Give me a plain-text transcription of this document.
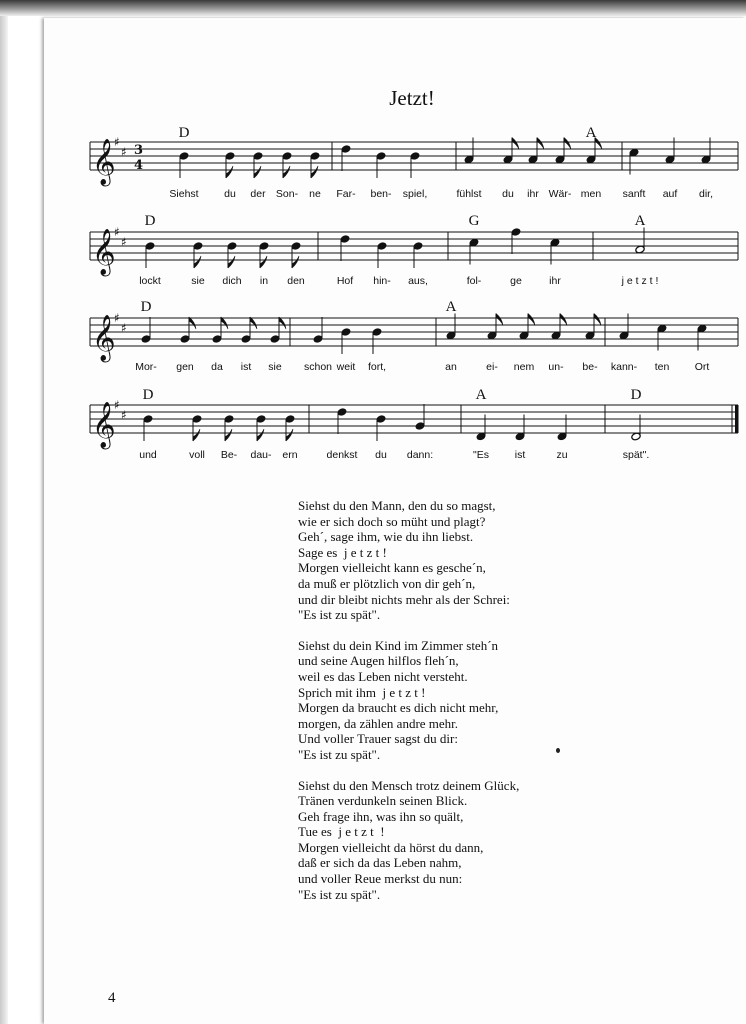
Jetzt!
𝄞
♯
♯ 3
4
Siehst du der Son- ne Far- ben- spiel,	fühlst du ihr Wär- men sanft auf dir,
D	A
𝄞
♯
♯
lockt	sie dich in den	Hof hin- aus,	fol-	ge	ihr	j e t z t !
D	G	A
𝄞
♯
♯
Mor- gen da ist sie schon weit fort,	an	ei- nem un- be- kann- ten Ort
D	A
𝄞
♯
♯
und	voll Be- dau- ern	denkst du dann:	"Es ist	zu	spät".
D	A	D
Siehst du den Mann, den du so magst,
wie er sich doch so müht und plagt?
Geh´, sage ihm, wie du ihn liebst.
Sage es  j e t z t !
Morgen vielleicht kann es gesche´n,
da muß er plötzlich von dir geh´n,
und dir bleibt nichts mehr als der Schrei:
"Es ist zu spät".
Siehst du dein Kind im Zimmer steh´n
und seine Augen hilflos fleh´n,
weil es das Leben nicht versteht.
Sprich mit ihm  j e t z t !
Morgen da braucht es dich nicht mehr,
morgen, da zählen andre mehr.
Und voller Trauer sagst du dir:
"Es ist zu spät".
Siehst du den Mensch trotz deinem Glück,
Tränen verdunkeln seinen Blick.
Geh frage ihn, was ihn so quält,
Tue es  j e t z t  !
Morgen vielleicht da hörst du dann,
daß er sich da das Leben nahm,
und voller Reue merkst du nun:
"Es ist zu spät".
4
